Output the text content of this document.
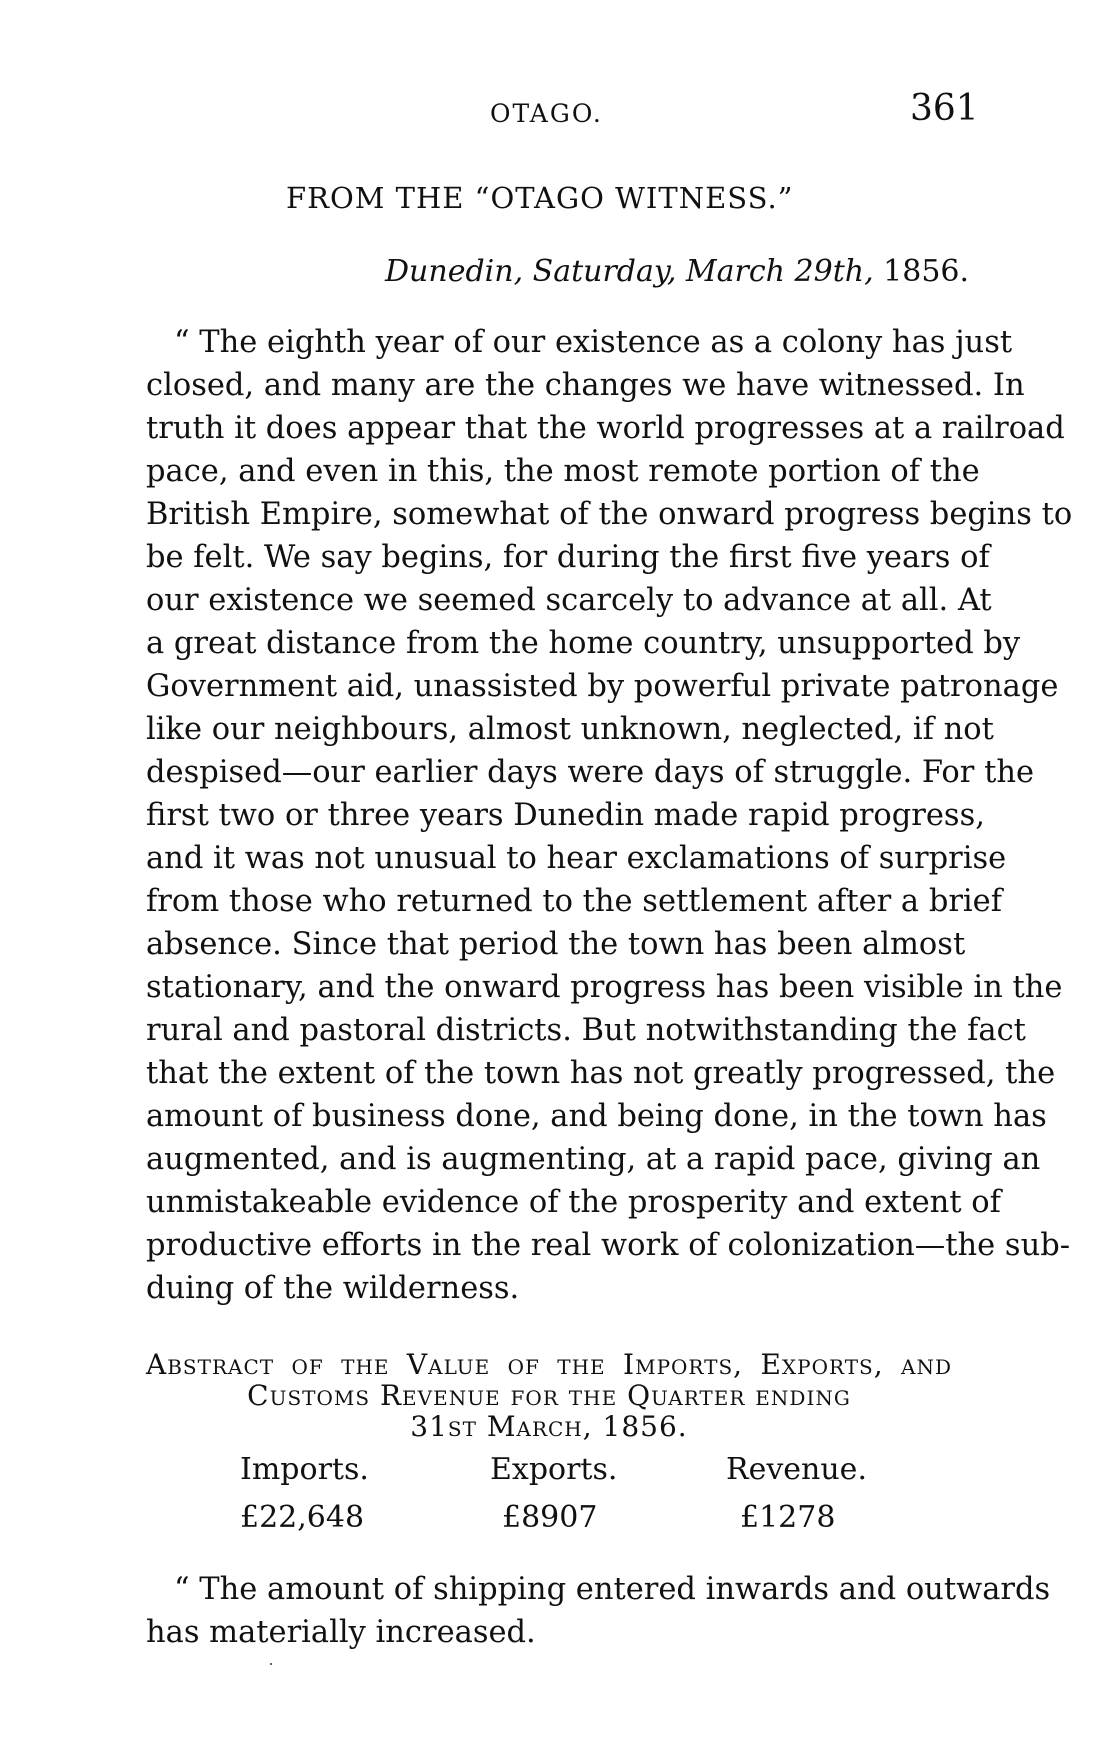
OTAGO.	361
FROM THE “OTAGO WITNESS.”
Dunedin, Saturday, March 29th, 1856.
“ The eighth year of our existence as a colony has just
closed, and many are the changes we have witnessed. In
truth it does appear that the world progresses at a railroad
pace, and even in this, the most remote portion of the
British Empire, somewhat of the onward progress begins to
be felt. We say begins, for during the first five years of
our existence we seemed scarcely to advance at all. At
a great distance from the home country, unsupported by
Government aid, unassisted by powerful private patronage
like our neighbours, almost unknown, neglected, if not
despised—our earlier days were days of struggle. For the
first two or three years Dunedin made rapid progress,
and it was not unusual to hear exclamations of surprise
from those who returned to the settlement after a brief
absence. Since that period the town has been almost
stationary, and the onward progress has been visible in the
rural and pastoral districts. But notwithstanding the fact
that the extent of the town has not greatly progressed, the
amount of business done, and being done, in the town has
augmented, and is augmenting, at a rapid pace, giving an
unmistakeable evidence of the prosperity and extent of
productive efforts in the real work of colonization—the sub-
duing of the wilderness.
Abstract of the Value of the Imports, Exports, and
Customs Revenue for the Quarter ending
31st March, 1856.
Imports.	Exports.	Revenue.
£22,648	£8907	£1278
“ The amount of shipping entered inwards and outwards
has materially increased.
